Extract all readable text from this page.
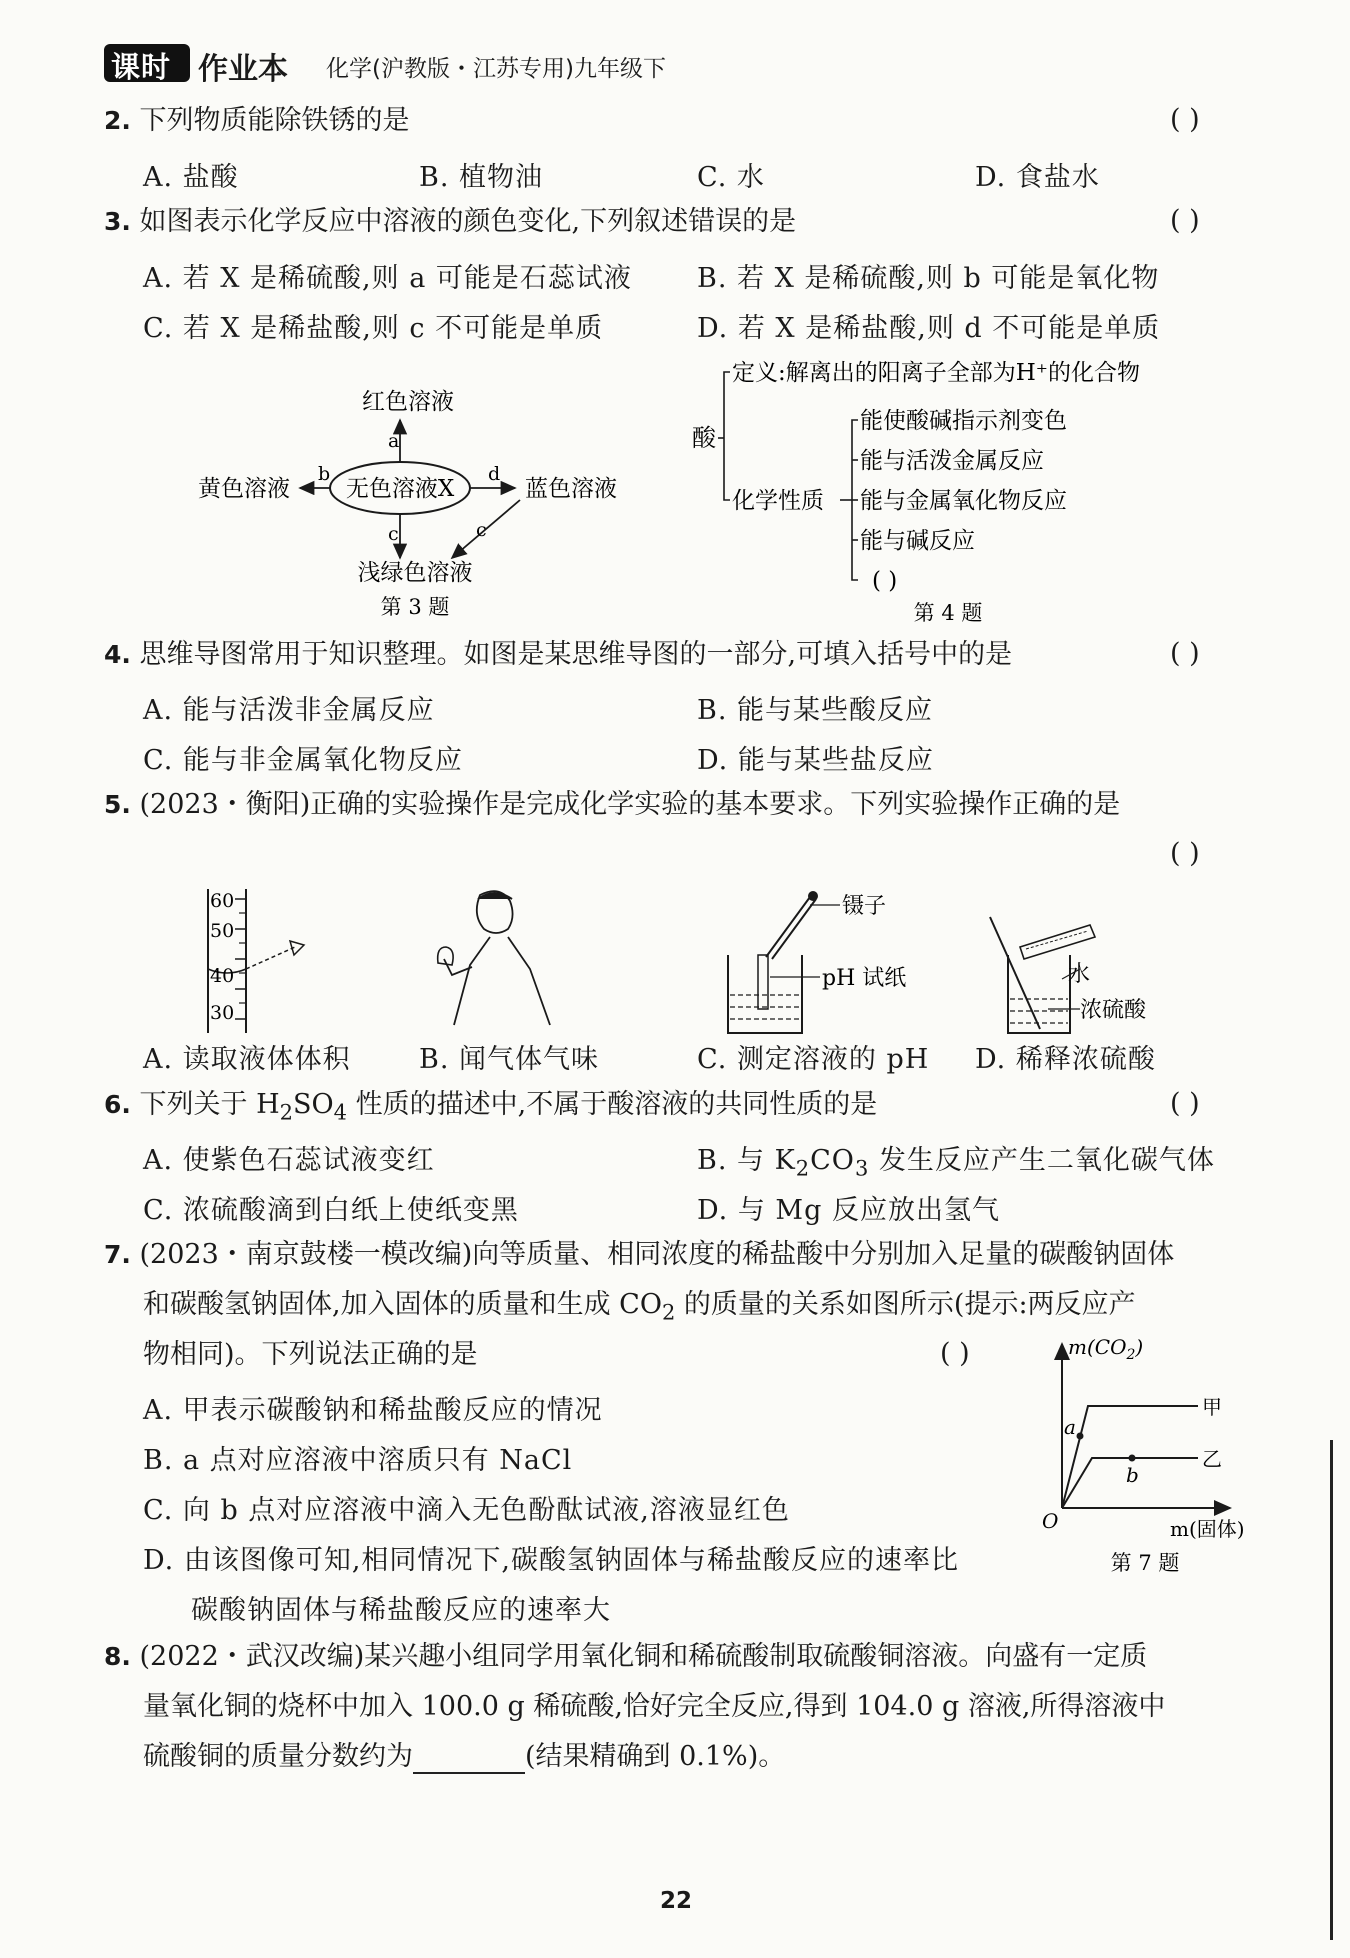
课时 作业本 化学(沪教版・江苏专用)九年级下
2. 下列物质能除铁锈的是	( )
A. 盐酸	B. 植物油	C. 水	D. 食盐水
3. 如图表示化学反应中溶液的颜色变化,下列叙述错误的是	( )
A. 若 X 是稀硫酸,则 a 可能是石蕊试液 B. 若 X 是稀硫酸,则 b 可能是氧化物
C. 若 X 是稀盐酸,则 c 不可能是单质	D. 若 X 是稀盐酸,则 d 不可能是单质
无色溶液X
红色溶液
a
黄色溶液
b
蓝色溶液
d
浅绿色溶液
c	c
第 3 题
酸
定义:解离出的阳离子全部为H⁺的化合物
化学性质
能使酸碱指示剂变色
能与活泼金属反应
能与金属氧化物反应
能与碱反应
( )
第 4 题
4. 思维导图常用于知识整理。如图是某思维导图的一部分,可填入括号中的是	( )
A. 能与活泼非金属反应	B. 能与某些酸反应
C. 能与非金属氧化物反应	D. 能与某些盐反应
5. (2023・衡阳)正确的实验操作是完成化学实验的基本要求。下列实验操作正确的是
( )
60
50
40
30
镊子
pH 试纸	水
浓硫酸
A. 读取液体体积	B. 闻气体气味	C. 测定溶液的 pH D. 稀释浓硫酸
6. 下列关于 $H_2SO_4$ 性质的描述中,不属于酸溶液的共同性质的是	( )
A. 使紫色石蕊试液变红	B. 与 $K_2CO_3$ 发生反应产生二氧化碳气体
C. 浓硫酸滴到白纸上使纸变黑	D. 与 Mg 反应放出氢气
7. (2023・南京鼓楼一模改编)向等质量、相同浓度的稀盐酸中分别加入足量的碳酸钠固体
和碳酸氢钠固体,加入固体的质量和生成 $CO_2$ 的质量的关系如图所示(提示:两反应产
物相同)。下列说法正确的是	( )
A. 甲表示碳酸钠和稀盐酸反应的情况
B. a 点对应溶液中溶质只有 NaCl
C. 向 b 点对应溶液中滴入无色酚酞试液,溶液显红色
D. 由该图像可知,相同情况下,碳酸氢钠固体与稀盐酸反应的速率比
碳酸钠固体与稀盐酸反应的速率大
$m(CO_2)$
m(固体)
O
a
b
甲
乙
第 7 题
8. (2022・武汉改编)某兴趣小组同学用氧化铜和稀硫酸制取硫酸铜溶液。向盛有一定质
量氧化铜的烧杯中加入 100.0 g 稀硫酸,恰好完全反应,得到 104.0 g 溶液,所得溶液中
硫酸铜的质量分数约为	(结果精确到 0.1%)。
22
